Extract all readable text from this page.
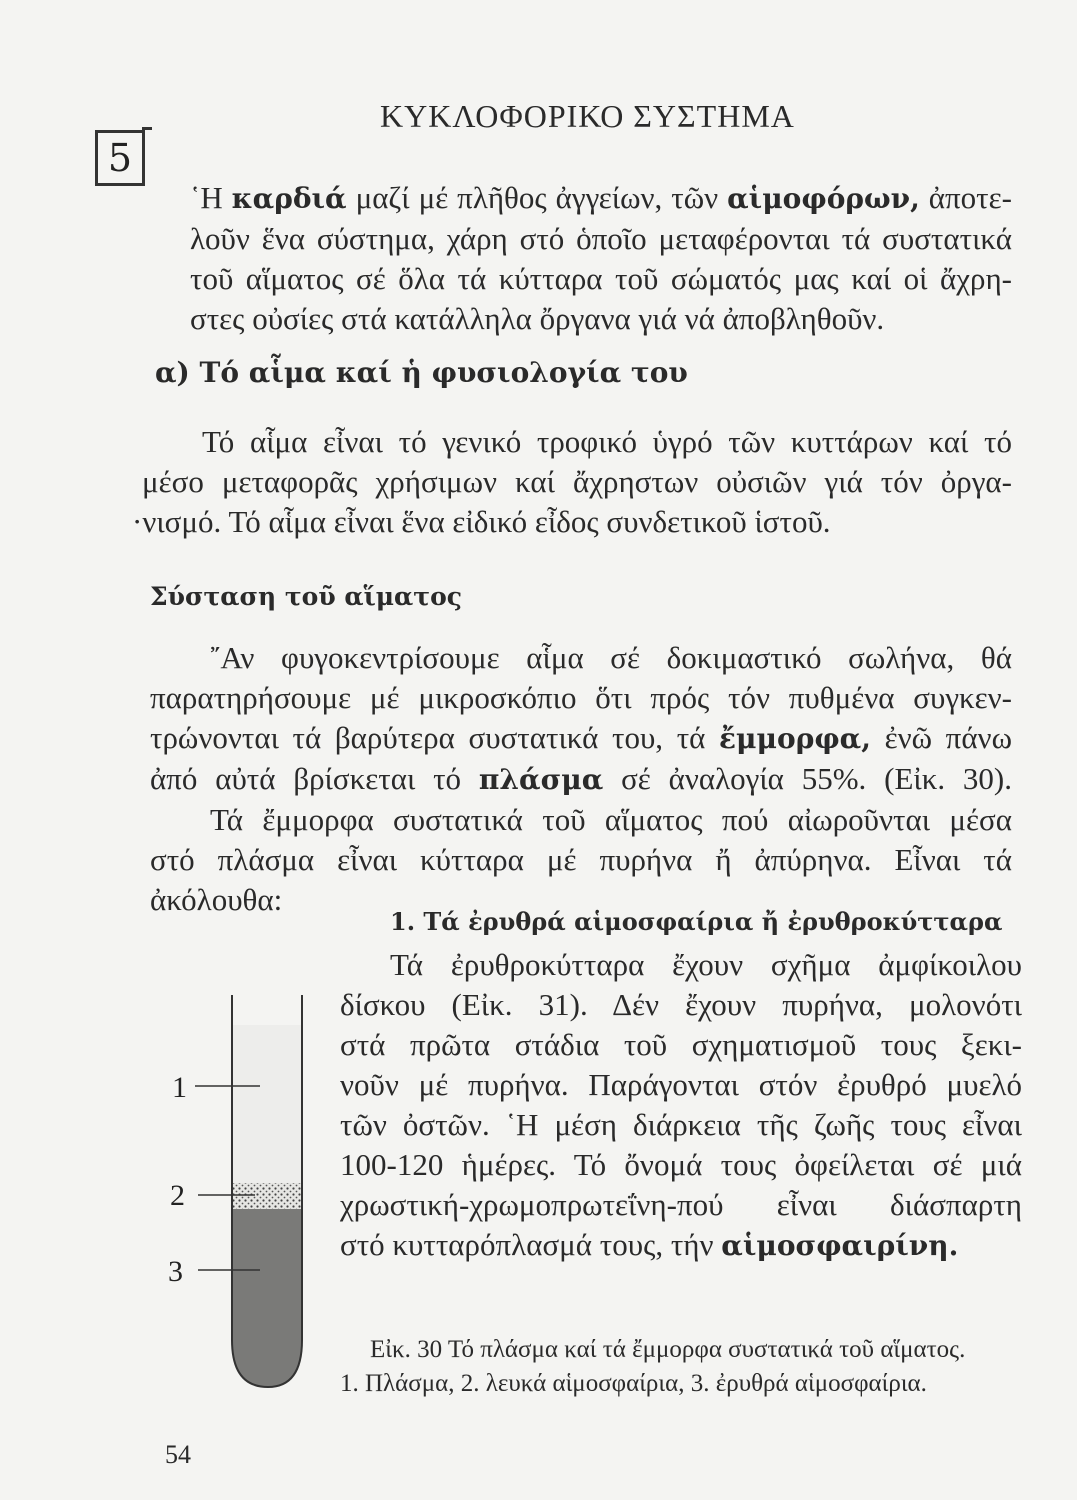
5
ΚΥΚΛΟΦΟΡΙΚΟ ΣΥΣΤΗΜΑ

῾Η καρδιά μαζί μέ πλῆθος ἀγγείων, τῶν αἱμοφόρων, ἀποτε-
λοῦν ἕνα σύστημα, χάρη στό ὁποῖο μεταφέρονται τά συστατικά
τοῦ αἵματος σέ ὅλα τά κύτταρα τοῦ σώματός μας καί οἱ ἄχρη-
στες οὐσίες στά κατάλληλα ὄργανα γιά νά ἀποβληθοῦν.

α) Τό αἷμα καί ἡ φυσιολογία του

Τό αἷμα εἶναι τό γενικό τροφικό ὑγρό τῶν κυττάρων καί τό
μέσο μεταφορᾶς χρήσιμων καί ἄχρηστων οὐσιῶν γιά τόν ὀργα-
·νισμό. Τό αἷμα εἶναι ἕνα εἰδικό εἶδος συνδετικοῦ ἱστοῦ.

Σύσταση τοῦ αἵματος

῎Αν φυγοκεντρίσουμε αἷμα σέ δοκιμαστικό σωλήνα, θά
παρατηρήσουμε μέ μικροσκόπιο ὅτι πρός τόν πυθμένα συγκεν-
τρώνονται τά βαρύτερα συστατικά του, τά ἔμμορφα, ἐνῶ πάνω
ἀπό αὐτά βρίσκεται τό πλάσμα σέ ἀναλογία 55%. (Εἰκ. 30).
Τά ἔμμορφα συστατικά τοῦ αἵματος πού αἰωροῦνται μέσα
στό πλάσμα εἶναι κύτταρα μέ πυρήνα ἤ ἀπύρηνα. Εἶναι τά
ἀκόλουθα:

1. Τά ἐρυθρά αἱμοσφαίρια ἤ ἐρυθροκύτταρα

Τά ἐρυθροκύτταρα ἔχουν σχῆμα ἀμφίκοιλου
δίσκου (Εἰκ. 31). Δέν ἔχουν πυρήνα, μολονότι
στά πρῶτα στάδια τοῦ σχηματισμοῦ τους ξεκι-
νοῦν μέ πυρήνα. Παράγονται στόν ἐρυθρό μυελό
τῶν ὀστῶν. ῾Η μέση διάρκεια τῆς ζωῆς τους εἶναι
100-120 ἡμέρες. Τό ὄνομά τους ὀφείλεται σέ μιά
χρωστική-χρωμοπρωτεΐνη-πού εἶναι διάσπαρτη
στό κυτταρόπλασμά τους, τήν αἱμοσφαιρίνη.

1
2
3
Εἰκ. 30 Τό πλάσμα καί τά ἔμμορφα συστατικά τοῦ αἵματος.
1. Πλάσμα, 2. λευκά αἱμοσφαίρια, 3. ἐρυθρά αἱμοσφαίρια.
54
